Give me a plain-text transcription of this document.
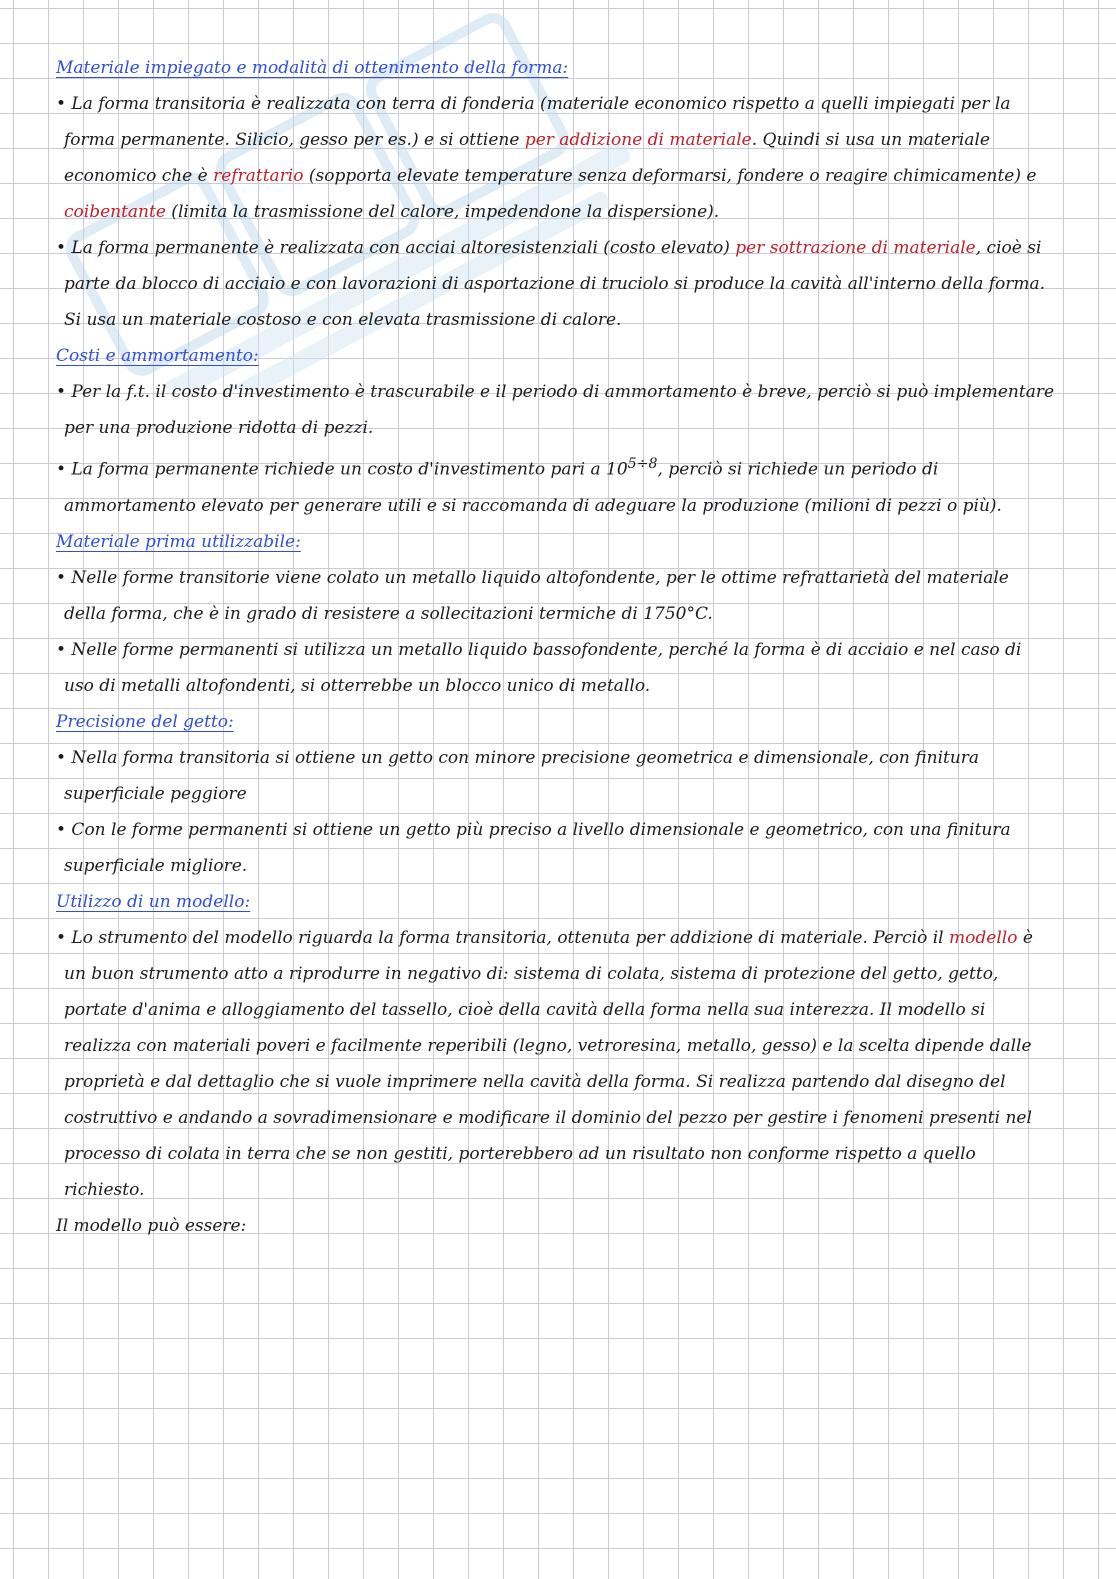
Materiale impiegato e modalità di ottenimento della forma:

• La forma transitoria è realizzata con terra di fonderia (materiale economico rispetto a quelli impiegati per la forma permanente. Silicio, gesso per es.) e si ottiene per addizione di materiale. Quindi si usa un materiale economico che è refrattario (sopporta elevate temperature senza deformarsi, fondere o reagire chimicamente) e coibentante (limita la trasmissione del calore, impedendone la dispersione).

• La forma permanente è realizzata con acciai altoresistenziali (costo elevato) per sottrazione di materiale, cioè si parte da blocco di acciaio e con lavorazioni di asportazione di truciolo si produce la cavità all'interno della forma. Si usa un materiale costoso e con elevata trasmissione di calore.

Costi e ammortamento:

• Per la f.t. il costo d'investimento è trascurabile e il periodo di ammortamento è breve, perciò si può implementare per una produzione ridotta di pezzi.

• La forma permanente richiede un costo d'investimento pari a $10^{5\div 8}$, perciò si richiede un periodo di ammortamento elevato per generare utili e si raccomanda di adeguare la produzione (milioni di pezzi o più).

Materiale prima utilizzabile:

• Nelle forme transitorie viene colato un metallo liquido altofondente, per le ottime refrattarietà del materiale della forma, che è in grado di resistere a sollecitazioni termiche di 1750°C.

• Nelle forme permanenti si utilizza un metallo liquido bassofondente, perché la forma è di acciaio e nel caso di uso di metalli altofondenti, si otterrebbe un blocco unico di metallo.

Precisione del getto:

• Nella forma transitoria si ottiene un getto con minore precisione geometrica e dimensionale, con finitura superficiale peggiore

• Con le forme permanenti si ottiene un getto più preciso a livello dimensionale e geometrico, con una finitura superficiale migliore.

Utilizzo di un modello:

• Lo strumento del modello riguarda la forma transitoria, ottenuta per addizione di materiale. Perciò il modello è un buon strumento atto a riprodurre in negativo di: sistema di colata, sistema di protezione del getto, getto, portate d'anima e alloggiamento del tassello, cioè della cavità della forma nella sua interezza. Il modello si realizza con materiali poveri e facilmente reperibili (legno, vetroresina, metallo, gesso) e la scelta dipende dalle proprietà e dal dettaglio che si vuole imprimere nella cavità della forma. Si realizza partendo dal disegno del costruttivo e andando a sovradimensionare e modificare il dominio del pezzo per gestire i fenomeni presenti nel processo di colata in terra che se non gestiti, porterebbero ad un risultato non conforme rispetto a quello richiesto.

Il modello può essere:
